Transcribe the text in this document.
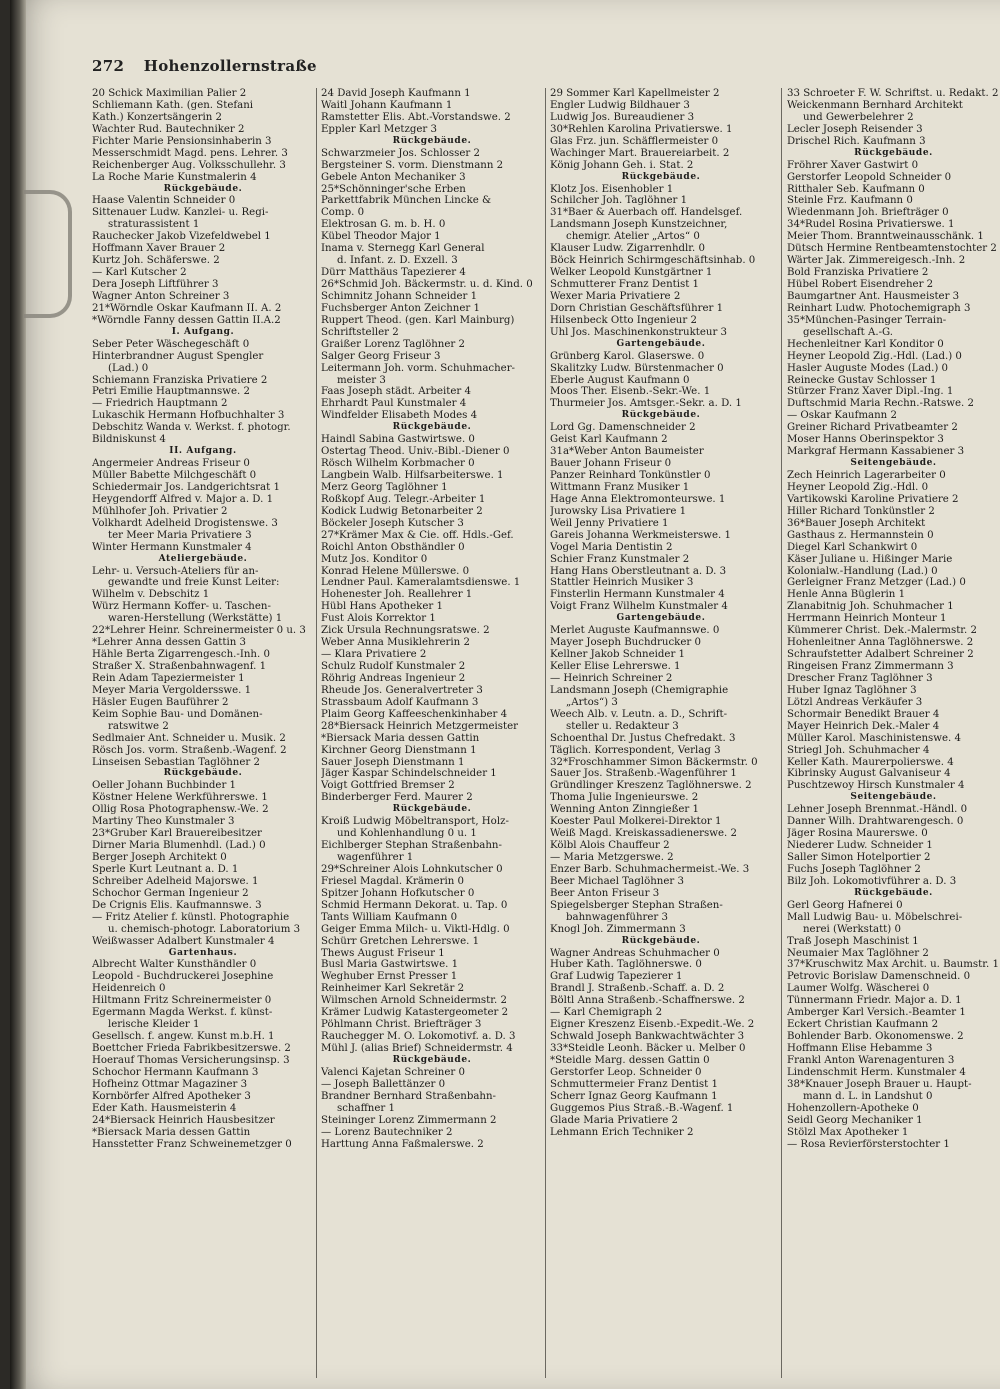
272 Hohenzollernstraße
20 Schick Maximilian Palier 2
Schliemann Kath. (gen. Stefani
Kath.) Konzertsängerin 2
Wachter Rud. Bautechniker 2
Fichter Marie Pensionsinhaberin 3
Messerschmidt Magd. pens. Lehrer. 3
Reichenberger Aug. Volksschullehr. 3
La Roche Marie Kunstmalerin 4
Rückgebäude.
Haase Valentin Schneider 0
Sittenauer Ludw. Kanzlei- u. Regi-
straturassistent 1
Rauchecker Jakob Vizefeldwebel 1
Hoffmann Xaver Brauer 2
Kurtz Joh. Schäferswe. 2
— Karl Kutscher 2
Dera Joseph Liftführer 3
Wagner Anton Schreiner 3
21*Wörndle Oskar Kaufmann II. A. 2
*Wörndle Fanny dessen Gattin II.A.2
I. Aufgang.
Seber Peter Wäschegeschäft 0
Hinterbrandner August Spengler
(Lad.) 0
Schiemann Franziska Privatiere 2
Petri Emilie Hauptmannswe. 2
— Friedrich Hauptmann 2
Lukaschik Hermann Hofbuchhalter 3
Debschitz Wanda v. Werkst. f. photogr.
Bildniskunst 4
II. Aufgang.
Angermeier Andreas Friseur 0
Müller Babette Milchgeschäft 0
Schiedermair Jos. Landgerichtsrat 1
Heygendorff Alfred v. Major a. D. 1
Mühlhofer Joh. Privatier 2
Volkhardt Adelheid Drogistenswe. 3
ter Meer Maria Privatiere 3
Winter Hermann Kunstmaler 4
Ateliergebäude.
Lehr- u. Versuch-Ateliers für an-
gewandte und freie Kunst Leiter:
Wilhelm v. Debschitz 1
Würz Hermann Koffer- u. Taschen-
waren-Herstellung (Werkstätte) 1
22*Lehrer Heinr. Schreinermeister 0 u. 3
*Lehrer Anna dessen Gattin 3
Hähle Berta Zigarrengesch.-Inh. 0
Straßer X. Straßenbahnwagenf. 1
Rein Adam Tapeziermeister 1
Meyer Maria Vergoldersswe. 1
Häsler Eugen Bauführer 2
Keim Sophie Bau- und Domänen-
ratswitwe 2
Sedlmaier Ant. Schneider u. Musik. 2
Rösch Jos. vorm. Straßenb.-Wagenf. 2
Linseisen Sebastian Taglöhner 2
Rückgebäude.
Oeller Johann Buchbinder 1
Köstner Helene Werkführerswe. 1
Ollig Rosa Photographensw.-We. 2
Martiny Theo Kunstmaler 3
23*Gruber Karl Brauereibesitzer
Dirner Maria Blumenhdl. (Lad.) 0
Berger Joseph Architekt 0
Sperle Kurt Leutnant a. D. 1
Schreiber Adelheid Majorswe. 1
Schochor German Ingenieur 2
De Crignis Elis. Kaufmannswe. 3
— Fritz Atelier f. künstl. Photographie
u. chemisch-photogr. Laboratorium 3
Weißwasser Adalbert Kunstmaler 4
Gartenhaus.
Albrecht Walter Kunsthändler 0
Leopold - Buchdruckerei Josephine
Heidenreich 0
Hiltmann Fritz Schreinermeister 0
Egermann Magda Werkst. f. künst-
lerische Kleider 1
Gesellsch. f. angew. Kunst m.b.H. 1
Boettcher Frieda Fabrikbesitzerswe. 2
Hoerauf Thomas Versicherungsinsp. 3
Schochor Hermann Kaufmann 3
Hofheinz Ottmar Magaziner 3
Kornbörfer Alfred Apotheker 3
Eder Kath. Hausmeisterin 4
24*Biersack Heinrich Hausbesitzer
*Biersack Maria dessen Gattin
Hansstetter Franz Schweinemetzger 0
24 David Joseph Kaufmann 1
Waitl Johann Kaufmann 1
Ramstetter Elis. Abt.-Vorstandswe. 2
Eppler Karl Metzger 3
Rückgebäude.
Schwarzmeier Jos. Schlosser 2
Bergsteiner S. vorm. Dienstmann 2
Gebele Anton Mechaniker 3
25*Schönninger'sche Erben
Parkettfabrik München Lincke &
Comp. 0
Elektrosan G. m. b. H. 0
Kübel Theodor Major 1
Inama v. Sternegg Karl General
d. Infant. z. D. Exzell. 3
Dürr Matthäus Tapezierer 4
26*Schmid Joh. Bäckermstr. u. d. Kind. 0
Schimnitz Johann Schneider 1
Fuchsberger Anton Zeichner 1
Ruppert Theod. (gen. Karl Mainburg)
Schriftsteller 2
Graißer Lorenz Taglöhner 2
Salger Georg Friseur 3
Leitermann Joh. vorm. Schuhmacher-
meister 3
Faas Joseph städt. Arbeiter 4
Ehrhardt Paul Kunstmaler 4
Windfelder Elisabeth Modes 4
Rückgebäude.
Haindl Sabina Gastwirtswe. 0
Ostertag Theod. Univ.-Bibl.-Diener 0
Rösch Wilhelm Korbmacher 0
Langbein Walb. Hilfsarbeiterswe. 1
Merz Georg Taglöhner 1
Roßkopf Aug. Telegr.-Arbeiter 1
Kodick Ludwig Betonarbeiter 2
Böckeler Joseph Kutscher 3
27*Krämer Max & Cie. off. Hdls.-Gef.
Roichl Anton Obsthändler 0
Mutz Jos. Konditor 0
Konrad Helene Müllerswe. 0
Lendner Paul. Kameralamtsdienswe. 1
Hohenester Joh. Reallehrer 1
Hübl Hans Apotheker 1
Fust Alois Korrektor 1
Zick Ursula Rechnungsratswe. 2
Weber Anna Musiklehrerin 2
— Klara Privatiere 2
Schulz Rudolf Kunstmaler 2
Röhrig Andreas Ingenieur 2
Rheude Jos. Generalvertreter 3
Strassbaum Adolf Kaufmann 3
Plaim Georg Kaffeeschenkinhaber 4
28*Biersack Heinrich Metzgermeister
*Biersack Maria dessen Gattin
Kirchner Georg Dienstmann 1
Sauer Joseph Dienstmann 1
Jäger Kaspar Schindelschneider 1
Voigt Gottfried Bremser 2
Binderberger Ferd. Maurer 2
Rückgebäude.
Kroiß Ludwig Möbeltransport, Holz-
und Kohlenhandlung 0 u. 1
Eichlberger Stephan Straßenbahn-
wagenführer 1
29*Schreiner Alois Lohnkutscher 0
Friesel Magdal. Krämerin 0
Spitzer Johann Hofkutscher 0
Schmid Hermann Dekorat. u. Tap. 0
Tants William Kaufmann 0
Geiger Emma Milch- u. Viktl-Hdlg. 0
Schürr Gretchen Lehrerswe. 1
Thews August Friseur 1
Busl Maria Gastwirtswe. 1
Weghuber Ernst Presser 1
Reinheimer Karl Sekretär 2
Wilmschen Arnold Schneidermstr. 2
Krämer Ludwig Katastergeometer 2
Pöhlmann Christ. Briefträger 3
Rauchegger M. O. Lokomotivf. a. D. 3
Mühl J. (alias Brief) Schneidermstr. 4
Rückgebäude.
Valenci Kajetan Schreiner 0
— Joseph Ballettänzer 0
Brandner Bernhard Straßenbahn-
schaffner 1
Steininger Lorenz Zimmermann 2
— Lorenz Bautechniker 2
Harttung Anna Faßmalerswe. 2
29 Sommer Karl Kapellmeister 2
Engler Ludwig Bildhauer 3
Ludwig Jos. Bureaudiener 3
30*Rehlen Karolina Privatierswe. 1
Glas Frz. jun. Schäfflermeister 0
Wachinger Mart. Brauereiarbeit. 2
König Johann Geh. i. Stat. 2
Rückgebäude.
Klotz Jos. Eisenhobler 1
Schilcher Joh. Taglöhner 1
31*Baer & Auerbach off. Handelsgef.
Landsmann Joseph Kunstzeichner,
chemigr. Atelier „Artos“ 0
Klauser Ludw. Zigarrenhdlr. 0
Böck Heinrich Schirmgeschäftsinhab. 0
Welker Leopold Kunstgärtner 1
Schmutterer Franz Dentist 1
Wexer Maria Privatiere 2
Dorn Christian Geschäftsführer 1
Hilsenbeck Otto Ingenieur 2
Uhl Jos. Maschinenkonstrukteur 3
Gartengebäude.
Grünberg Karol. Glaserswe. 0
Skalitzky Ludw. Bürstenmacher 0
Eberle August Kaufmann 0
Moos Ther. Eisenb.-Sekr.-We. 1
Thurmeier Jos. Amtsger.-Sekr. a. D. 1
Rückgebäude.
Lord Gg. Damenschneider 2
Geist Karl Kaufmann 2
31a*Weber Anton Baumeister
Bauer Johann Friseur 0
Panzer Reinhard Tonkünstler 0
Wittmann Franz Musiker 1
Hage Anna Elektromonteurswe. 1
Jurowsky Lisa Privatiere 1
Weil Jenny Privatiere 1
Gareis Johanna Werkmeisterswe. 1
Vogel Maria Dentistin 2
Schier Franz Kunstmaler 2
Hang Hans Oberstleutnant a. D. 3
Stattler Heinrich Musiker 3
Finsterlin Hermann Kunstmaler 4
Voigt Franz Wilhelm Kunstmaler 4
Gartengebäude.
Merlet Auguste Kaufmannswe. 0
Mayer Joseph Buchdrucker 0
Kellner Jakob Schneider 1
Keller Elise Lehrerswe. 1
— Heinrich Schreiner 2
Landsmann Joseph (Chemigraphie
„Artos“) 3
Weech Alb. v. Leutn. a. D., Schrift-
steller u. Redakteur 3
Schoenthal Dr. Justus Chefredakt. 3
Täglich. Korrespondent, Verlag 3
32*Froschhammer Simon Bäckermstr. 0
Sauer Jos. Straßenb.-Wagenführer 1
Gründlinger Kreszenz Taglöhnerswe. 2
Thoma Julie Ingenieurswe. 2
Wenning Anton Zinngießer 1
Koester Paul Molkerei-Direktor 1
Weiß Magd. Kreiskassadienerswe. 2
Kölbl Alois Chauffeur 2
— Maria Metzgerswe. 2
Enzer Barb. Schuhmachermeist.-We. 3
Beer Michael Taglöhner 3
Beer Anton Friseur 3
Spiegelsberger Stephan Straßen-
bahnwagenführer 3
Knogl Joh. Zimmermann 3
Rückgebäude.
Wagner Andreas Schuhmacher 0
Huber Kath. Taglöhnerswe. 0
Graf Ludwig Tapezierer 1
Brandl J. Straßenb.-Schaff. a. D. 2
Böltl Anna Straßenb.-Schaffnerswe. 2
— Karl Chemigraph 2
Eigner Kreszenz Eisenb.-Expedit.-We. 2
Schwald Joseph Bankwachtwächter 3
33*Steidle Leonh. Bäcker u. Melber 0
*Steidle Marg. dessen Gattin 0
Gerstorfer Leop. Schneider 0
Schmuttermeier Franz Dentist 1
Scherr Ignaz Georg Kaufmann 1
Guggemos Pius Straß.-B.-Wagenf. 1
Glade Maria Privatiere 2
Lehmann Erich Techniker 2
33 Schroeter F. W. Schriftst. u. Redakt. 2
Weickenmann Bernhard Architekt
und Gewerbelehrer 2
Lecler Joseph Reisender 3
Drischel Rich. Kaufmann 3
Rückgebäude.
Fröhrer Xaver Gastwirt 0
Gerstorfer Leopold Schneider 0
Ritthaler Seb. Kaufmann 0
Steinle Frz. Kaufmann 0
Wiedenmann Joh. Briefträger 0
34*Rudel Rosina Privatierswe. 1
Meier Thom. Branntweinausschänk. 1
Dütsch Hermine Rentbeamtenstochter 2
Wärter Jak. Zimmereigesch.-Inh. 2
Bold Franziska Privatiere 2
Hübel Robert Eisendreher 2
Baumgartner Ant. Hausmeister 3
Reinhart Ludw. Photochemigraph 3
35*München-Pasinger Terrain-
gesellschaft A.-G.
Hechenleitner Karl Konditor 0
Heyner Leopold Zig.-Hdl. (Lad.) 0
Hasler Auguste Modes (Lad.) 0
Reinecke Gustav Schlosser 1
Stürzer Franz Xaver Dipl.-Ing. 1
Duftschmid Maria Rechn.-Ratswe. 2
— Oskar Kaufmann 2
Greiner Richard Privatbeamter 2
Moser Hanns Oberinspektor 3
Markgraf Hermann Kassabiener 3
Seitengebäude.
Zech Heinrich Lagerarbeiter 0
Heyner Leopold Zig.-Hdl. 0
Vartikowski Karoline Privatiere 2
Hiller Richard Tonkünstler 2
36*Bauer Joseph Architekt
Gasthaus z. Hermannstein 0
Diegel Karl Schankwirt 0
Käser Juliane u. Hißinger Marie
Kolonialw.-Handlung (Lad.) 0
Gerleigner Franz Metzger (Lad.) 0
Henle Anna Büglerin 1
Zlanabitnig Joh. Schuhmacher 1
Herrmann Heinrich Monteur 1
Kümmerer Christ. Dek.-Malermstr. 2
Hohenleitner Anna Taglöhnerswe. 2
Schraufstetter Adalbert Schreiner 2
Ringeisen Franz Zimmermann 3
Drescher Franz Taglöhner 3
Huber Ignaz Taglöhner 3
Lötzl Andreas Verkäufer 3
Schormair Benedikt Brauer 4
Mayer Heinrich Dek.-Maler 4
Müller Karol. Maschinistenswe. 4
Striegl Joh. Schuhmacher 4
Keller Kath. Maurerpolierswe. 4
Kibrinsky August Galvaniseur 4
Puschtzewoy Hirsch Kunstmaler 4
Seitengebäude.
Lehner Joseph Brennmat.-Händl. 0
Danner Wilh. Drahtwarengesch. 0
Jäger Rosina Maurerswe. 0
Niederer Ludw. Schneider 1
Saller Simon Hotelportier 2
Fuchs Joseph Taglöhner 2
Bilz Joh. Lokomotivführer a. D. 3
Rückgebäude.
Gerl Georg Hafnerei 0
Mall Ludwig Bau- u. Möbelschrei-
nerei (Werkstatt) 0
Traß Joseph Maschinist 1
Neumaier Max Taglöhner 2
37*Kruschwitz Max Archit. u. Baumstr. 1
Petrovic Borislaw Damenschneid. 0
Laumer Wolfg. Wäscherei 0
Tünnermann Friedr. Major a. D. 1
Amberger Karl Versich.-Beamter 1
Eckert Christian Kaufmann 2
Bohlender Barb. Ökonomenswe. 2
Hoffmann Elise Hebamme 3
Frankl Anton Warenagenturen 3
Lindenschmit Herm. Kunstmaler 4
38*Knauer Joseph Brauer u. Haupt-
mann d. L. in Landshut 0
Hohenzollern-Apotheke 0
Seidl Georg Mechaniker 1
Stölzl Max Apotheker 1
— Rosa Revierförsterstochter 1
